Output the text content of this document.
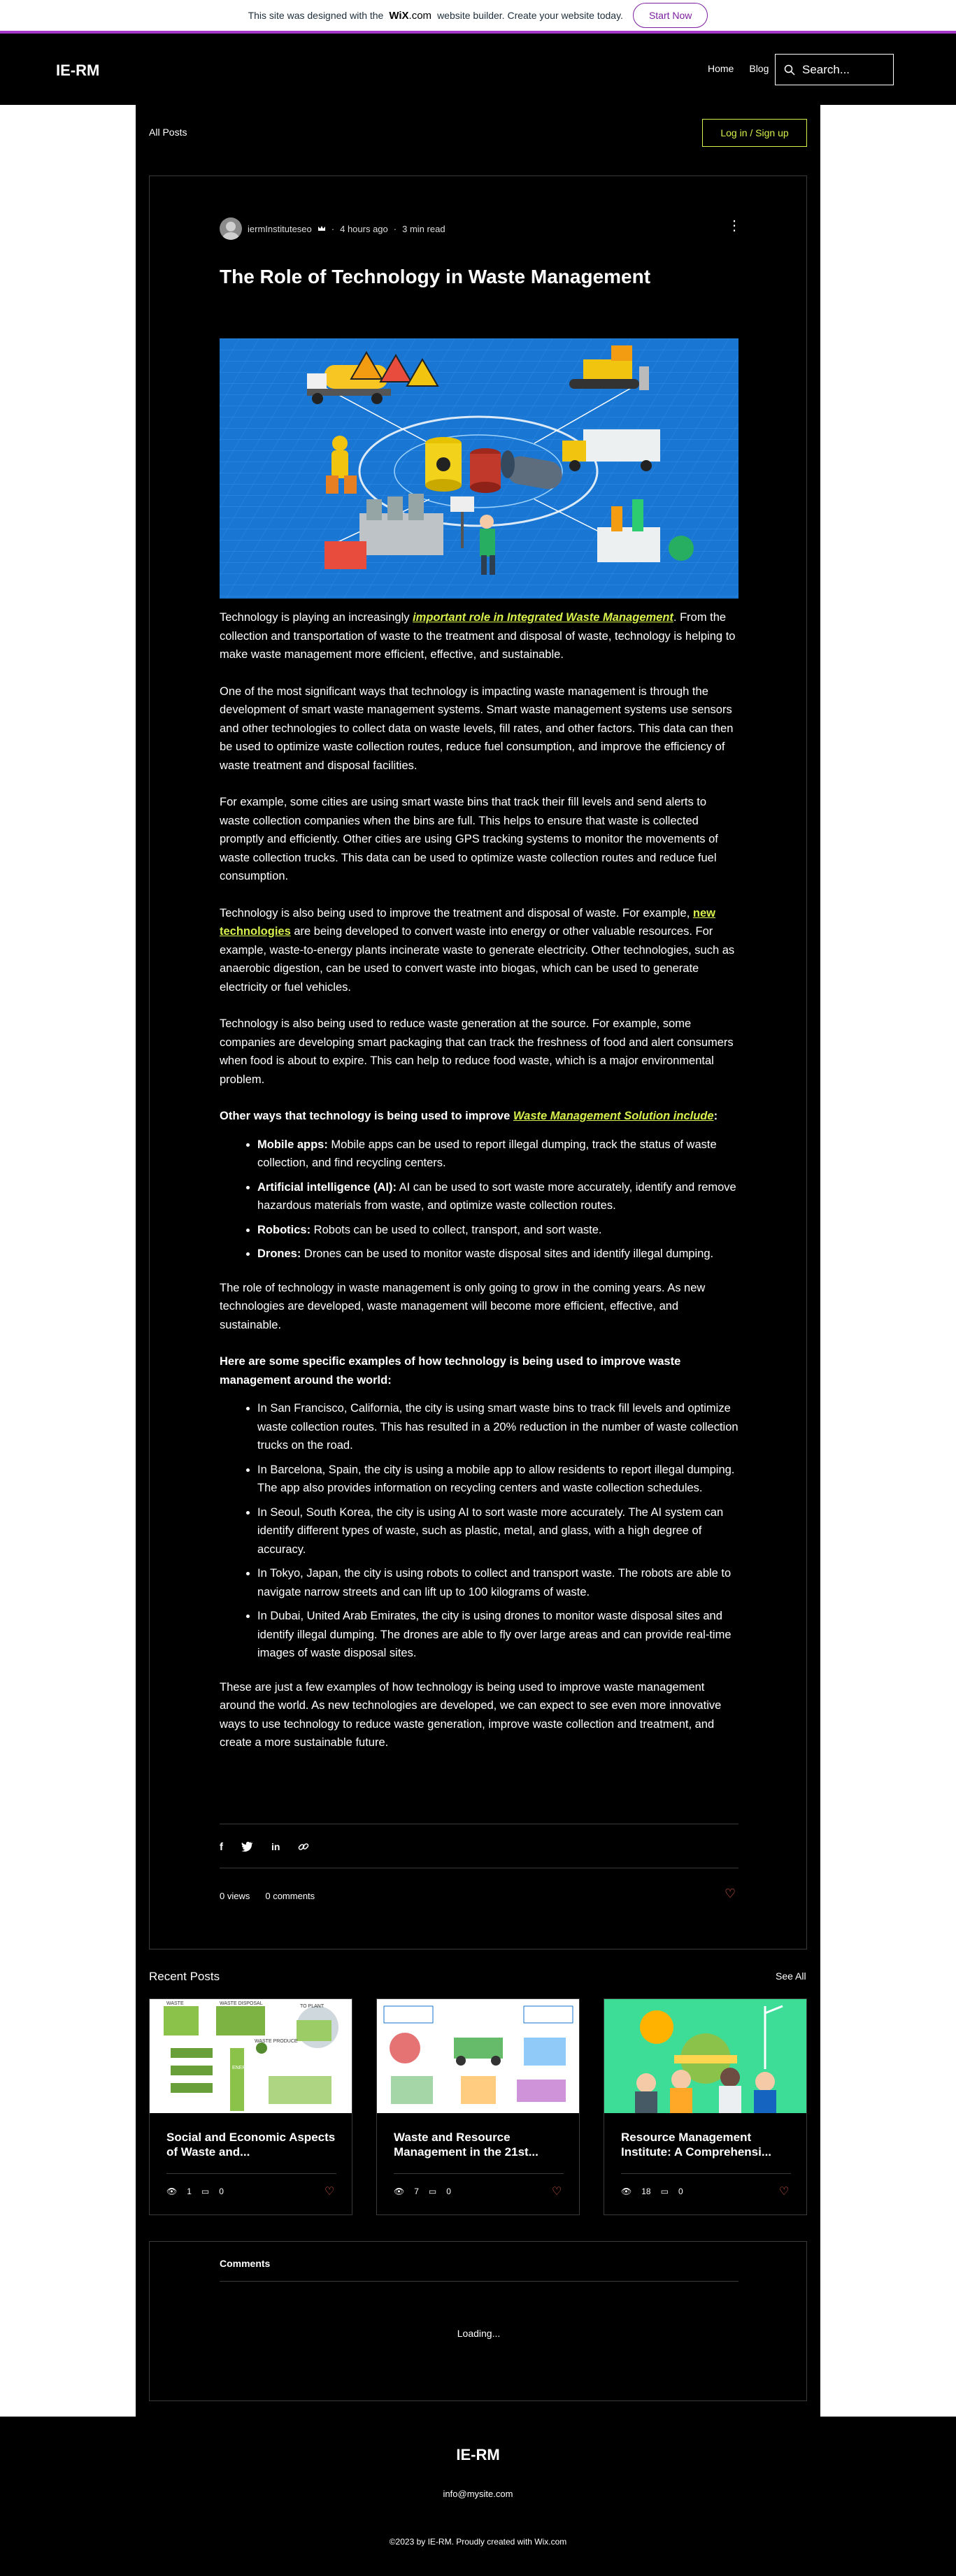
This site was designed with the WiX.com website builder. Create your website today.	Start Now
IE-RM	Home Blog	Search...
All Posts	Log in / Sign up
iermInstituteseo · 4 hours ago · 3 min read	⋮
The Role of Technology in Waste Management

Technology is playing an increasingly important role in Integrated Waste Management. From the collection and transportation of waste to the treatment and disposal of waste, technology is helping to make waste management more efficient, effective, and sustainable.

One of the most significant ways that technology is impacting waste management is through the development of smart waste management systems. Smart waste management systems use sensors and other technologies to collect data on waste levels, fill rates, and other factors. This data can then be used to optimize waste collection routes, reduce fuel consumption, and improve the efficiency of waste treatment and disposal facilities.

For example, some cities are using smart waste bins that track their fill levels and send alerts to waste collection companies when the bins are full. This helps to ensure that waste is collected promptly and efficiently. Other cities are using GPS tracking systems to monitor the movements of waste collection trucks. This data can be used to optimize waste collection routes and reduce fuel consumption.

Technology is also being used to improve the treatment and disposal of waste. For example, new technologies are being developed to convert waste into energy or other valuable resources. For example, waste-to-energy plants incinerate waste to generate electricity. Other technologies, such as anaerobic digestion, can be used to convert waste into biogas, which can be used to generate electricity or fuel vehicles.

Technology is also being used to reduce waste generation at the source. For example, some companies are developing smart packaging that can track the freshness of food and alert consumers when food is about to expire. This can help to reduce food waste, which is a major environmental problem.

Other ways that technology is being used to improve Waste Management Solution include:

• Mobile apps: Mobile apps can be used to report illegal dumping, track the status of waste collection, and find recycling centers.
• Artificial intelligence (AI): AI can be used to sort waste more accurately, identify and remove hazardous materials from waste, and optimize waste collection routes.
• Robotics: Robots can be used to collect, transport, and sort waste.
• Drones: Drones can be used to monitor waste disposal sites and identify illegal dumping.

The role of technology in waste management is only going to grow in the coming years. As new technologies are developed, waste management will become more efficient, effective, and sustainable.

Here are some specific examples of how technology is being used to improve waste management around the world:

• In San Francisco, California, the city is using smart waste bins to track fill levels and optimize waste collection routes. This has resulted in a 20% reduction in the number of waste collection trucks on the road.
• In Barcelona, Spain, the city is using a mobile app to allow residents to report illegal dumping. The app also provides information on recycling centers and waste collection schedules.
• In Seoul, South Korea, the city is using AI to sort waste more accurately. The AI system can identify different types of waste, such as plastic, metal, and glass, with a high degree of accuracy.
• In Tokyo, Japan, the city is using robots to collect and transport waste. The robots are able to navigate narrow streets and can lift up to 100 kilograms of waste.
• In Dubai, United Arab Emirates, the city is using drones to monitor waste disposal sites and identify illegal dumping. The drones are able to fly over large areas and can provide real-time images of waste disposal sites.

These are just a few examples of how technology is being used to improve waste management around the world. As new technologies are developed, we can expect to see even more innovative ways to use technology to reduce waste generation, improve waste collection and treatment, and create a more sustainable future.

f	in
0 views 0 comments	♡
Recent Posts	See All
WASTE	WASTE DISPOSAL
TO PLANT
WASTE PRODUCE
ENERGY
Social and Economic Aspects of Waste and...
👁 1 ▭ 0	♡
Waste and Resource Management in the 21st...
👁 7 ▭ 0	♡
Resource Management Institute: A Comprehensi...
👁 18 ▭ 0	♡
Comments
Loading...
IE-RM
info@mysite.com
©2023 by IE-RM. Proudly created with Wix.com
